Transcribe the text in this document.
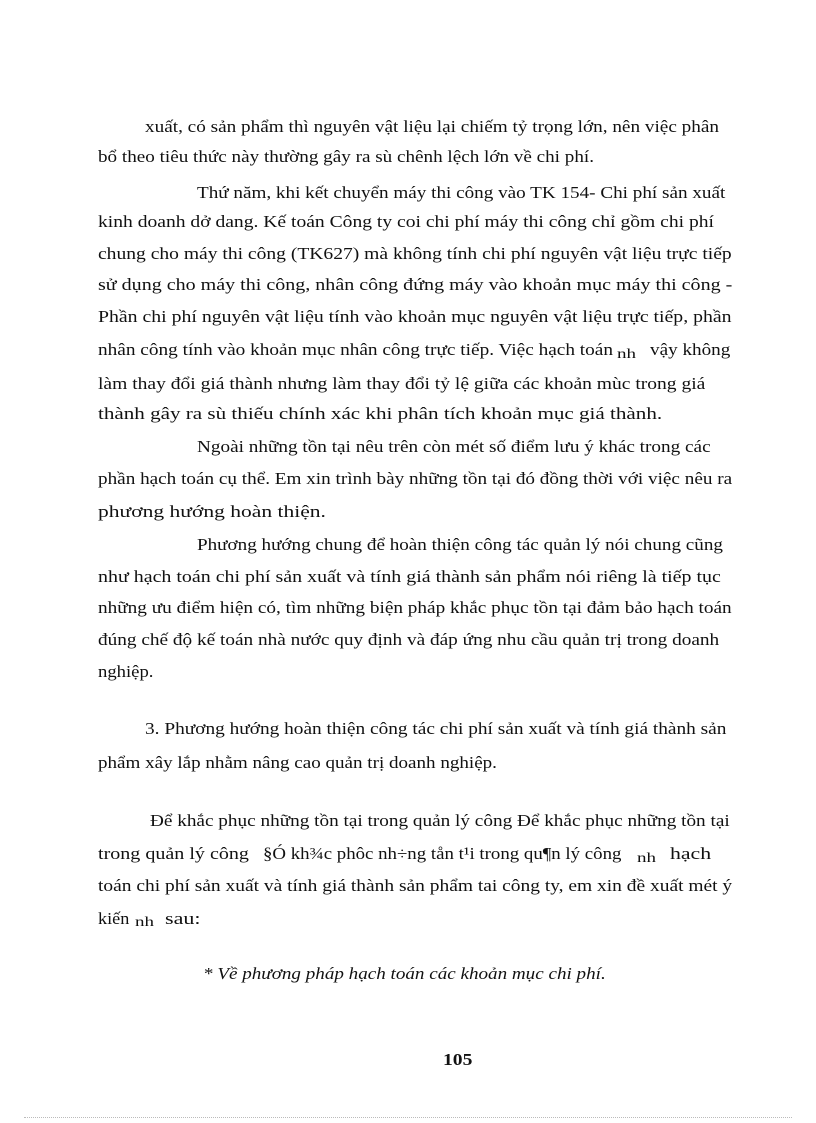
xuất, có sản phẩm thì nguyên vật liệu lại chiếm tỷ trọng lớn, nên việc phân
bổ theo tiêu thức này thường gây ra sù chênh lệch lớn về chi phí.
Thứ năm, khi kết chuyển máy thi công vào TK 154- Chi phí sản xuất
kinh doanh dở dang. Kế toán Công ty coi chi phí máy thi công chỉ gồm chi phí
chung cho máy thi công (TK627) mà không tính chi phí nguyên vật liệu trực tiếp
sử dụng cho máy thi công, nhân công đứng máy vào khoản mục máy thi công -
Phần chi phí nguyên vật liệu tính vào khoản mục nguyên vật liệu trực tiếp, phần
nhân công tính vào khoản mục nhân công trực tiếp. Việc hạch toán nh vậy không
làm thay đổi giá thành nhưng làm thay đổi tỷ lệ giữa các khoản mùc trong giá
thành gây ra sù thiếu chính xác khi phân tích khoản mục giá thành.
Ngoài những tồn tại nêu trên còn mét số điểm lưu ý khác trong các
phần hạch toán cụ thể. Em xin trình bày những tồn tại đó đồng thời với việc nêu ra
phương hướng hoàn thiện.
Phương hướng chung để hoàn thiện công tác quản lý nói chung cũng
như hạch toán chi phí sản xuất và tính giá thành sản phẩm nói riêng là tiếp tục
những ưu điểm hiện có, tìm những biện pháp khắc phục tồn tại đảm bảo hạch toán
đúng chế độ kế toán nhà nước quy định và đáp ứng nhu cầu quản trị trong doanh
nghiệp.
3. Phương hướng hoàn thiện công tác chi phí sản xuất và tính giá thành sản
phẩm xây lắp nhằm nâng cao quản trị doanh nghiệp.
Để khắc phục những tồn tại trong quản lý công Để khắc phục những tồn tại
trong quản lý công §Ó kh¾c phôc nh÷ng tån t¹i trong qu¶n lý công nh hạch
toán chi phí sản xuất và tính giá thành sản phẩm tai công ty, em xin đề xuất mét ý
kiến nh sau:
* Về phương pháp hạch toán các khoản mục chi phí.
105
